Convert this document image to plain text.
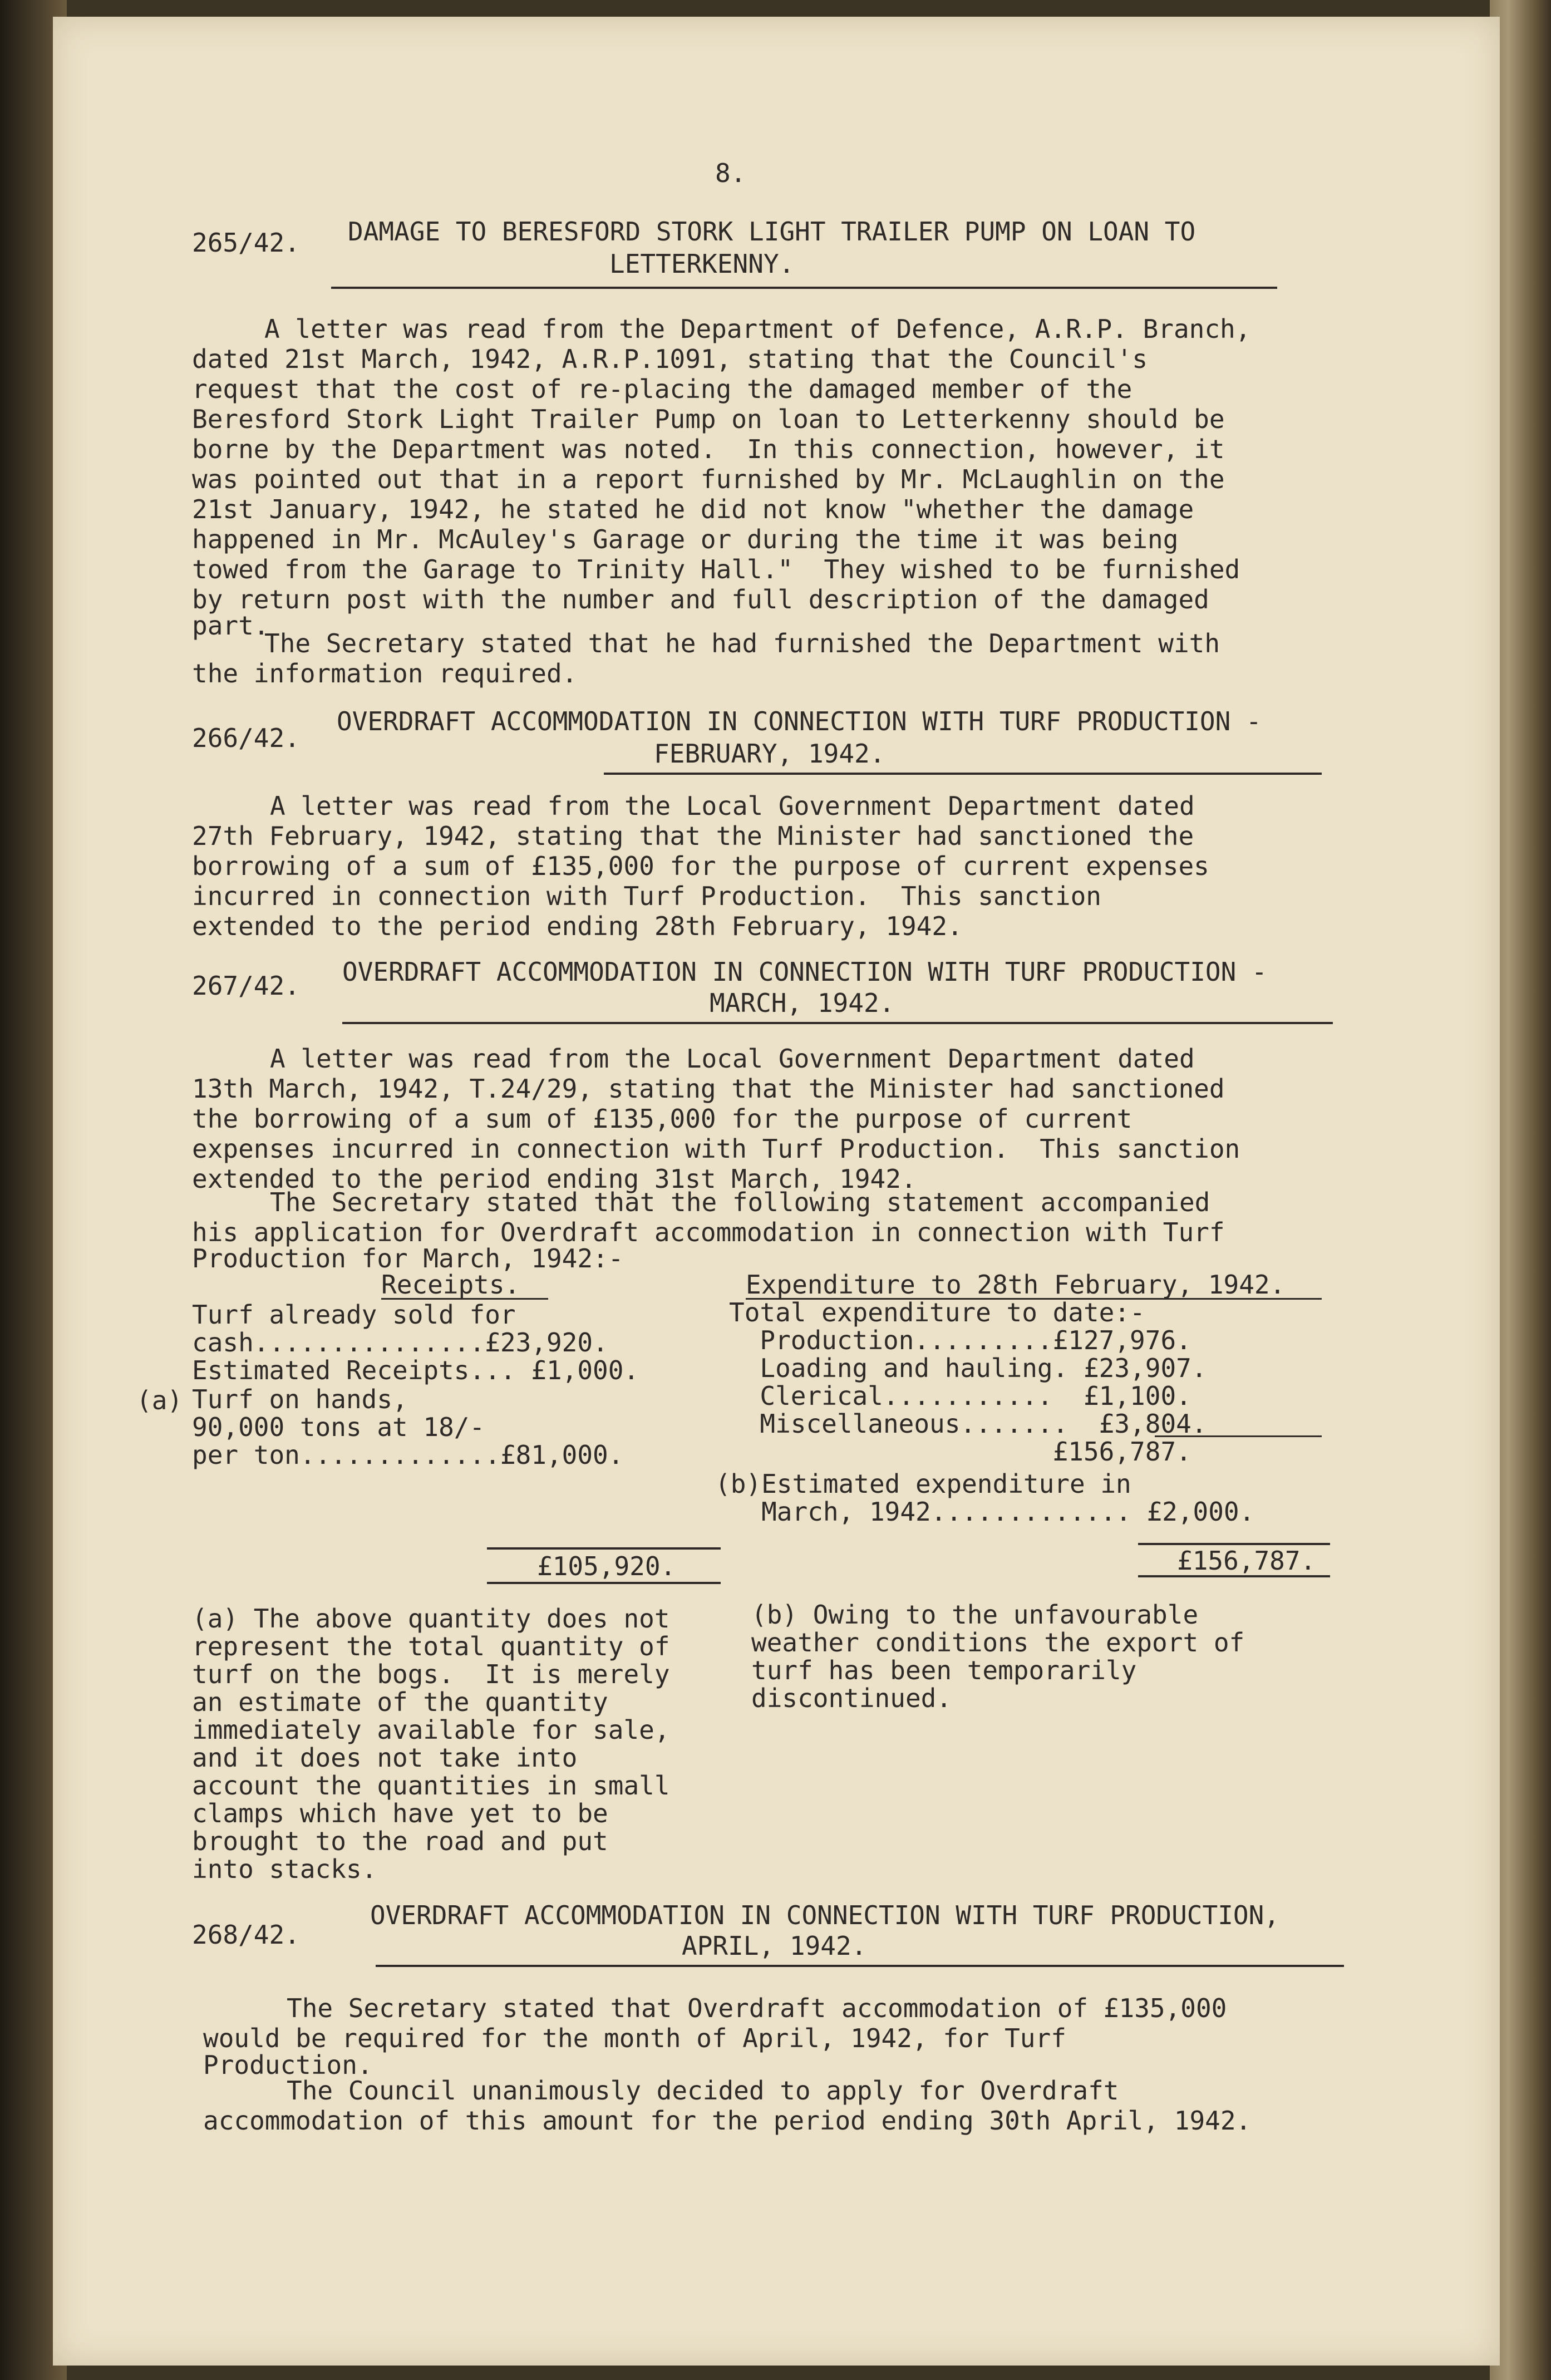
8.

265/42. DAMAGE TO BERESFORD STORK LIGHT TRAILER PUMP ON LOAN TO

LETTERKENNY.

A letter was read from the Department of Defence, A.R.P. Branch,

dated 21st March, 1942, A.R.P.1091, stating that the Council's

request that the cost of re-placing the damaged member of the

Beresford Stork Light Trailer Pump on loan to Letterkenny should be

borne by the Department was noted.  In this connection, however, it

was pointed out that in a report furnished by Mr. McLaughlin on the

21st January, 1942, he stated he did not know "whether the damage

happened in Mr. McAuley's Garage or during the time it was being

towed from the Garage to Trinity Hall."  They wished to be furnished

by return post with the number and full description of the damaged

part.

The Secretary stated that he had furnished the Department with

the information required.

266/42.

OVERDRAFT ACCOMMODATION IN CONNECTION WITH TURF PRODUCTION -

FEBRUARY, 1942.

A letter was read from the Local Government Department dated

27th February, 1942, stating that the Minister had sanctioned the

borrowing of a sum of £135,000 for the purpose of current expenses

incurred in connection with Turf Production.  This sanction

extended to the period ending 28th February, 1942.

267/42. OVERDRAFT ACCOMMODATION IN CONNECTION WITH TURF PRODUCTION -

MARCH, 1942.

A letter was read from the Local Government Department dated

13th March, 1942, T.24/29, stating that the Minister had sanctioned

the borrowing of a sum of £135,000 for the purpose of current

expenses incurred in connection with Turf Production.  This sanction

extended to the period ending 31st March, 1942.

The Secretary stated that the following statement accompanied

his application for Overdraft accommodation in connection with Turf

Production for March, 1942:-

Receipts.

Turf already sold for

cash...............£23,920.

Estimated Receipts... £1,000.

(a) Turf on hands,

90,000 tons at 18/-

per ton.............£81,000.

Expenditure to 28th February, 1942.

Total expenditure to date:-

Production.........£127,976.

Loading and hauling. £23,907.

Clerical...........  £1,100.

Miscellaneous.......  £3,804.

£156,787.

(b)Estimated expenditure in

March, 1942............. £2,000.

£105,920.	£156,787.

(a) The above quantity does not

represent the total quantity of

turf on the bogs.  It is merely

an estimate of the quantity

immediately available for sale,

and it does not take into

account the quantities in small

clamps which have yet to be

brought to the road and put

into stacks.

(b) Owing to the unfavourable

weather conditions the export of

turf has been temporarily

discontinued.

268/42.

OVERDRAFT ACCOMMODATION IN CONNECTION WITH TURF PRODUCTION,

APRIL, 1942.

The Secretary stated that Overdraft accommodation of £135,000

would be required for the month of April, 1942, for Turf

Production.

The Council unanimously decided to apply for Overdraft

accommodation of this amount for the period ending 30th April, 1942.
